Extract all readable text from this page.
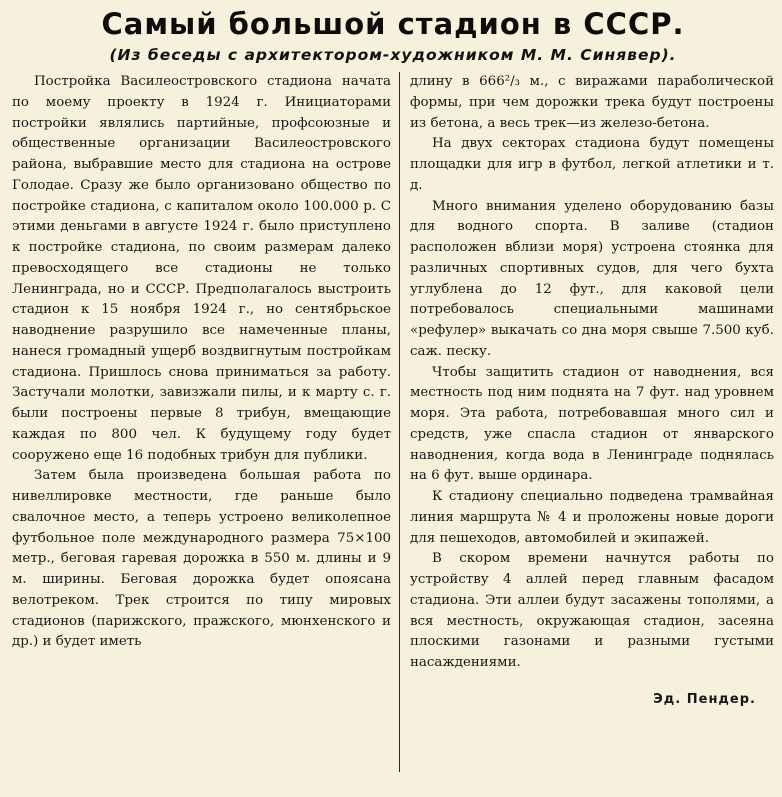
Самый большой стадион в СССР.
(Из беседы с архитектором-художником М. М. Синявер).

Постройка Василеостровского стадиона начата по моему проекту в 1924 г. Инициаторами постройки являлись партийные, профсоюзные и общественные организации Василеостровского района, выбравшие место для стадиона на острове Голодае. Сразу же было организовано общество по постройке стадиона, с капиталом около 100.000 р. С этими деньгами в августе 1924 г. было приступлено к постройке стадиона, по своим размерам далеко превосходящего все стадионы не только Ленинграда, но и СССР. Предполагалось выстроить стадион к 15 ноября 1924 г., но сентябрьское наводнение разрушило все намеченные планы, нанеся громадный ущерб воздвигнутым постройкам стадиона. Пришлось снова приниматься за работу. Застучали молотки, завизжали пилы, и к марту с. г. были построены первые 8 трибун, вмещающие каждая по 800 чел. К будущему году будет сооружено еще 16 подобных трибун для публики.

Затем была произведена большая работа по нивеллировке местности, где раньше было свалочное место, а теперь устроено великолепное футбольное поле международного размера 75×100 метр., беговая гаревая дорожка в 550 м. длины и 9 м. ширины. Беговая дорожка будет опоясана велотреком. Трек строится по типу мировых стадионов (парижского, пражского, мюнхенского и др.) и будет иметь

длину в 666²/₃ м., с виражами параболической формы, при чем дорожки трека будут построены из бетона, а весь трек—из железо-бетона.

На двух секторах стадиона будут помещены площадки для игр в футбол, легкой атлетики и т. д.

Много внимания уделено оборудованию базы для водного спорта. В заливе (стадион расположен вблизи моря) устроена стоянка для различных спортивных судов, для чего бухта углублена до 12 фут., для каковой цели потребовалось специальными машинами «рефулер» выкачать со дна моря свыше 7.500 куб. саж. песку.

Чтобы защитить стадион от наводнения, вся местность под ним поднята на 7 фут. над уровнем моря. Эта работа, потребовавшая много сил и средств, уже спасла стадион от январского наводнения, когда вода в Ленинграде поднялась на 6 фут. выше ординара.

К стадиону специально подведена трамвайная линия маршрута № 4 и проложены новые дороги для пешеходов, автомобилей и экипажей.

В скором времени начнутся работы по устройству 4 аллей перед главным фасадом стадиона. Эти аллеи будут засажены тополями, а вся местность, окружающая стадион, засеяна плоскими газонами и разными густыми насаждениями.

Эд. Пендер.
